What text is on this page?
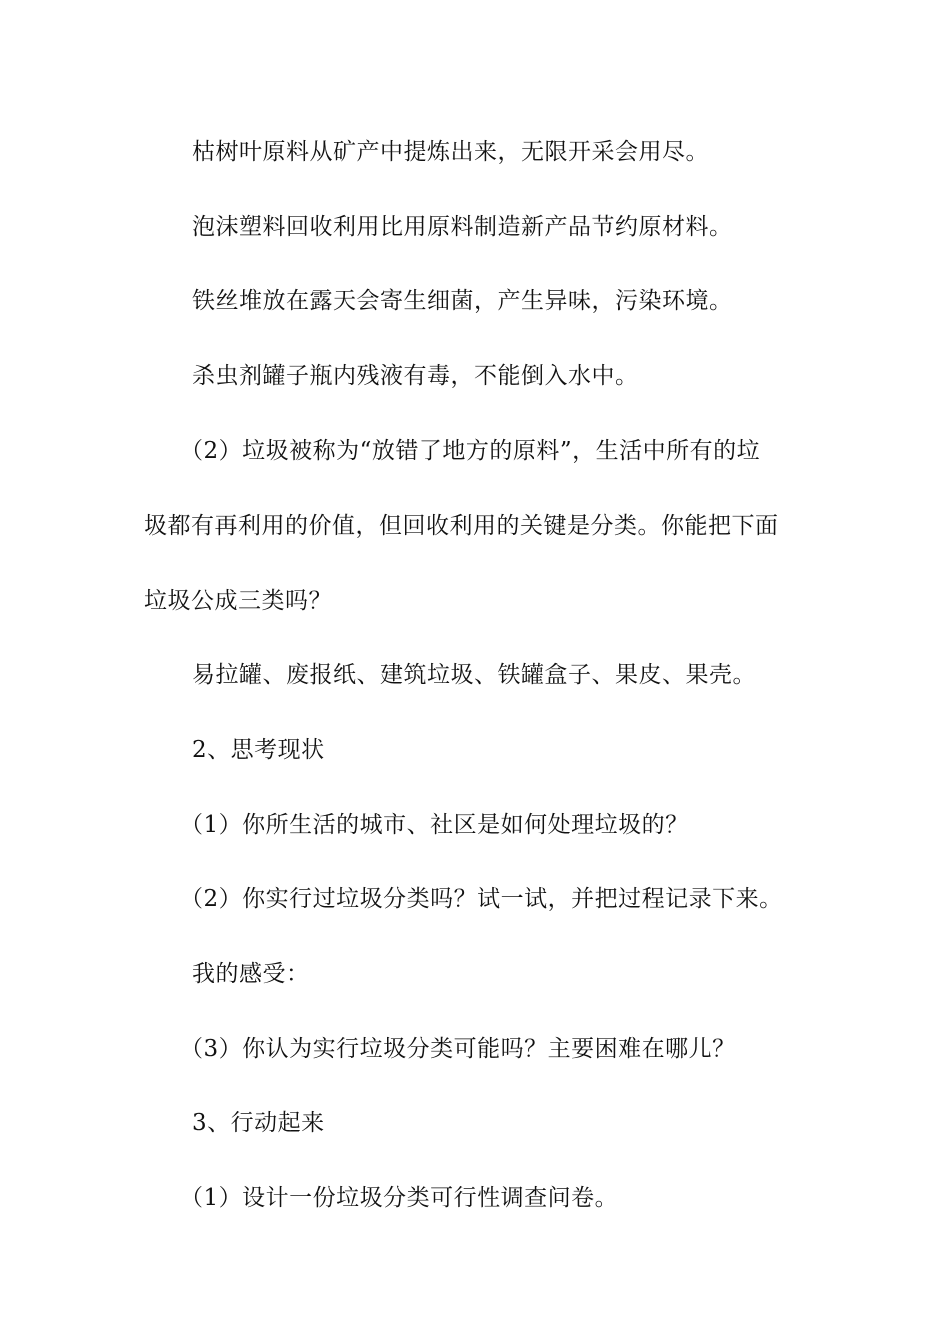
枯树叶原料从矿产中提炼出来，无限开采会用尽。
泡沫塑料回收利用比用原料制造新产品节约原材料。
铁丝堆放在露天会寄生细菌，产生异味，污染环境。
杀虫剂罐子瓶内残液有毒，不能倒入水中。
（2）垃圾被称为“放错了地方的原料”，生活中所有的垃
圾都有再利用的价值，但回收利用的关键是分类。你能把下面
垃圾公成三类吗？
易拉罐、废报纸、建筑垃圾、铁罐盒子、果皮、果壳。
2、思考现状
（1）你所生活的城市、社区是如何处理垃圾的？
（2）你实行过垃圾分类吗？试一试，并把过程记录下来。
我的感受：
（3）你认为实行垃圾分类可能吗？主要困难在哪儿？
3、行动起来
（1）设计一份垃圾分类可行性调查问卷。
